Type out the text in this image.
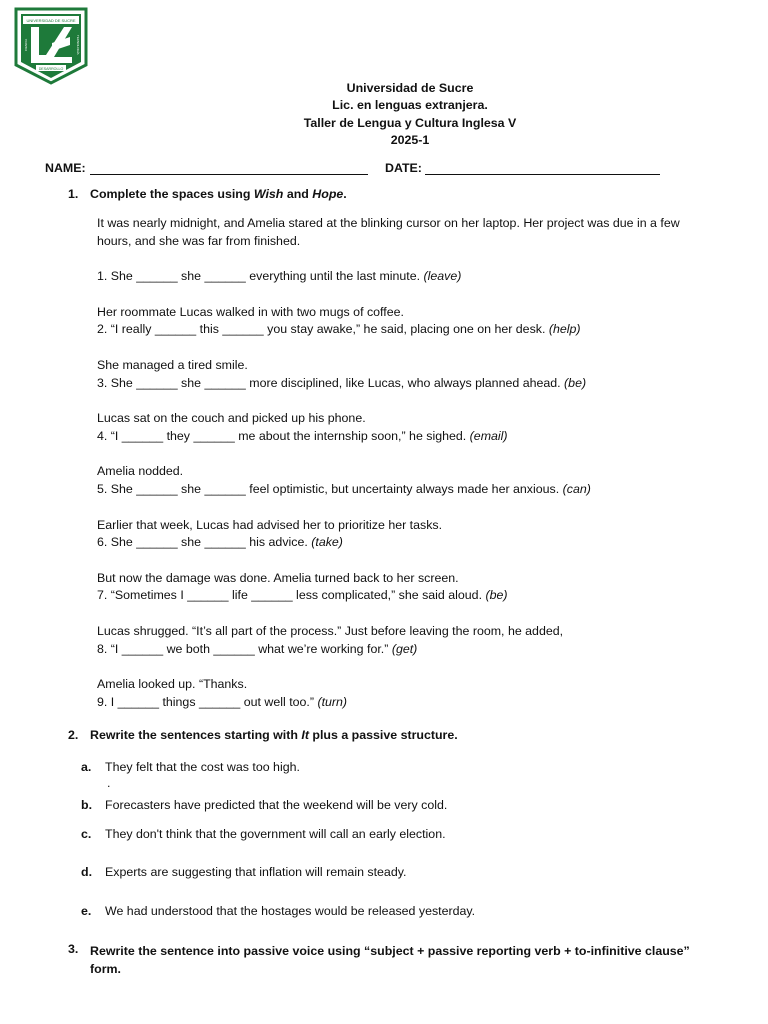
UNIVERSIDAD DE SUCRE
DESARROLLO
CIENCIA	TECNOLOGÍA
Universidad de Sucre
Lic. en lenguas extranjera.
Taller de Lengua y Cultura Inglesa V
2025-1
NAME:	DATE:
1. Complete the spaces using Wish and Hope.

It was nearly midnight, and Amelia stared at the blinking cursor on her laptop. Her project was due in a few hours, and she was far from finished.

1. She ______ she ______ everything until the last minute. (leave)

Her roommate Lucas walked in with two mugs of coffee.

2. “I really ______ this ______ you stay awake,” he said, placing one on her desk. (help)

She managed a tired smile.

3. She ______ she ______ more disciplined, like Lucas, who always planned ahead. (be)

Lucas sat on the couch and picked up his phone.

4. “I ______ they ______ me about the internship soon,” he sighed. (email)

Amelia nodded.

5. She ______ she ______ feel optimistic, but uncertainty always made her anxious. (can)

Earlier that week, Lucas had advised her to prioritize her tasks.

6. She ______ she ______ his advice. (take)

But now the damage was done. Amelia turned back to her screen.

7. “Sometimes I ______ life ______ less complicated,” she said aloud. (be)

Lucas shrugged. “It’s all part of the process.” Just before leaving the room, he added,

8. “I ______ we both ______ what we’re working for.” (get)

Amelia looked up. “Thanks.

9. I ______ things ______ out well too.” (turn)

2. Rewrite the sentences starting with It plus a passive structure.
a. They felt that the cost was too high.
.
b. Forecasters have predicted that the weekend will be very cold.
c. They don't think that the government will call an early election.
d. Experts are suggesting that inflation will remain steady.
e. We had understood that the hostages would be released yesterday.
3. Rewrite the sentence into passive voice using “subject + passive reporting verb + to-infinitive clause”
form.
